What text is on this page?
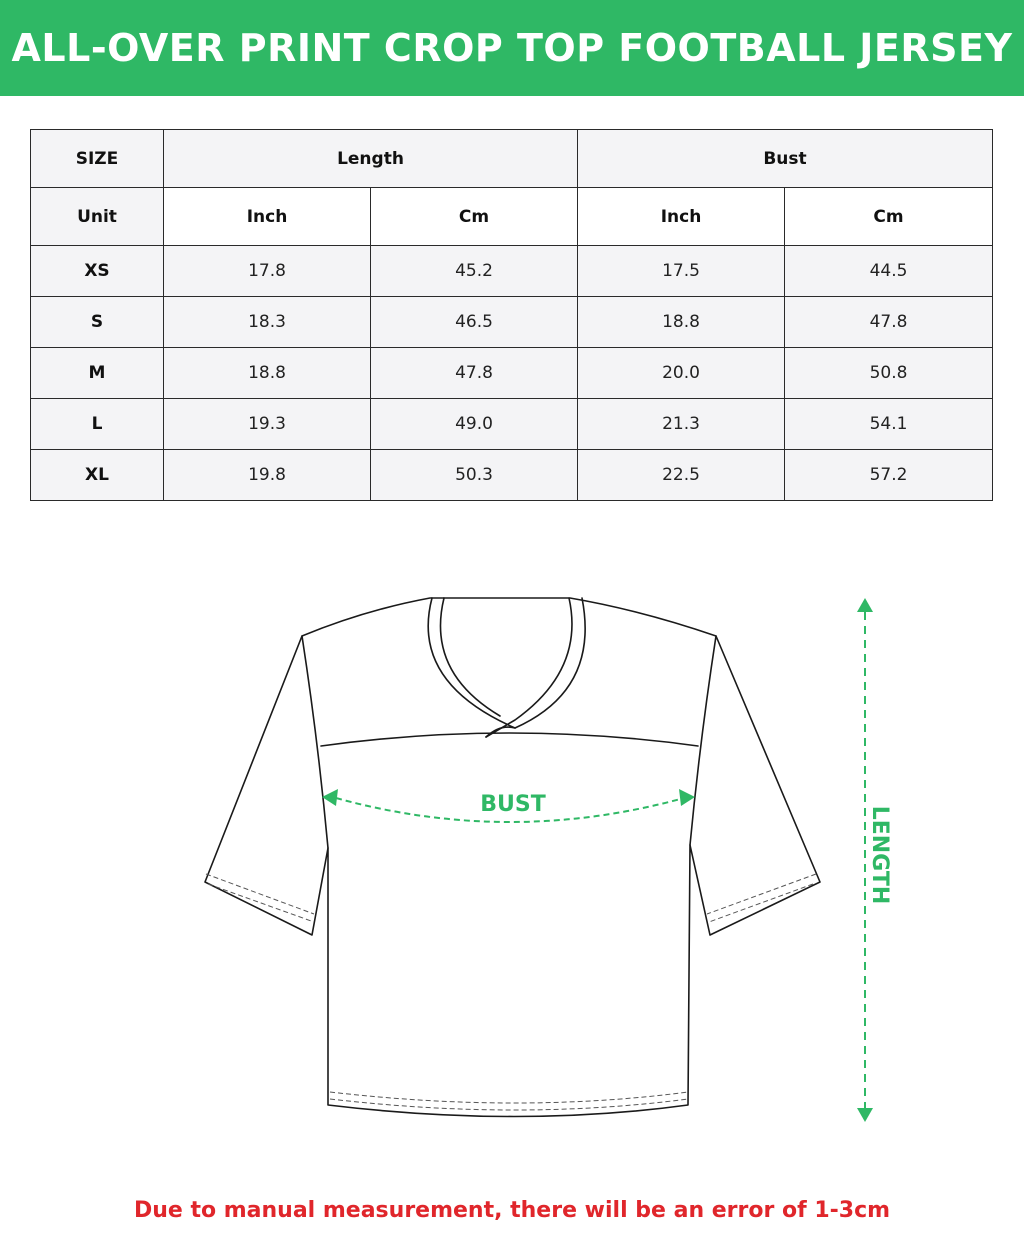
ALL-OVER PRINT CROP TOP FOOTBALL JERSEY
SIZE	Length		Bust	
Unit	Inch	Cm	Inch	Cm
XS	17.8	45.2	17.5	44.5
S	18.3	46.5	18.8	47.8
M	18.8	47.8	20.0	50.8
L	19.3	49.0	21.3	54.1
XL	19.8	50.3	22.5	57.2
BUST
LENGTH
Due to manual measurement, there will be an error of 1-3cm
